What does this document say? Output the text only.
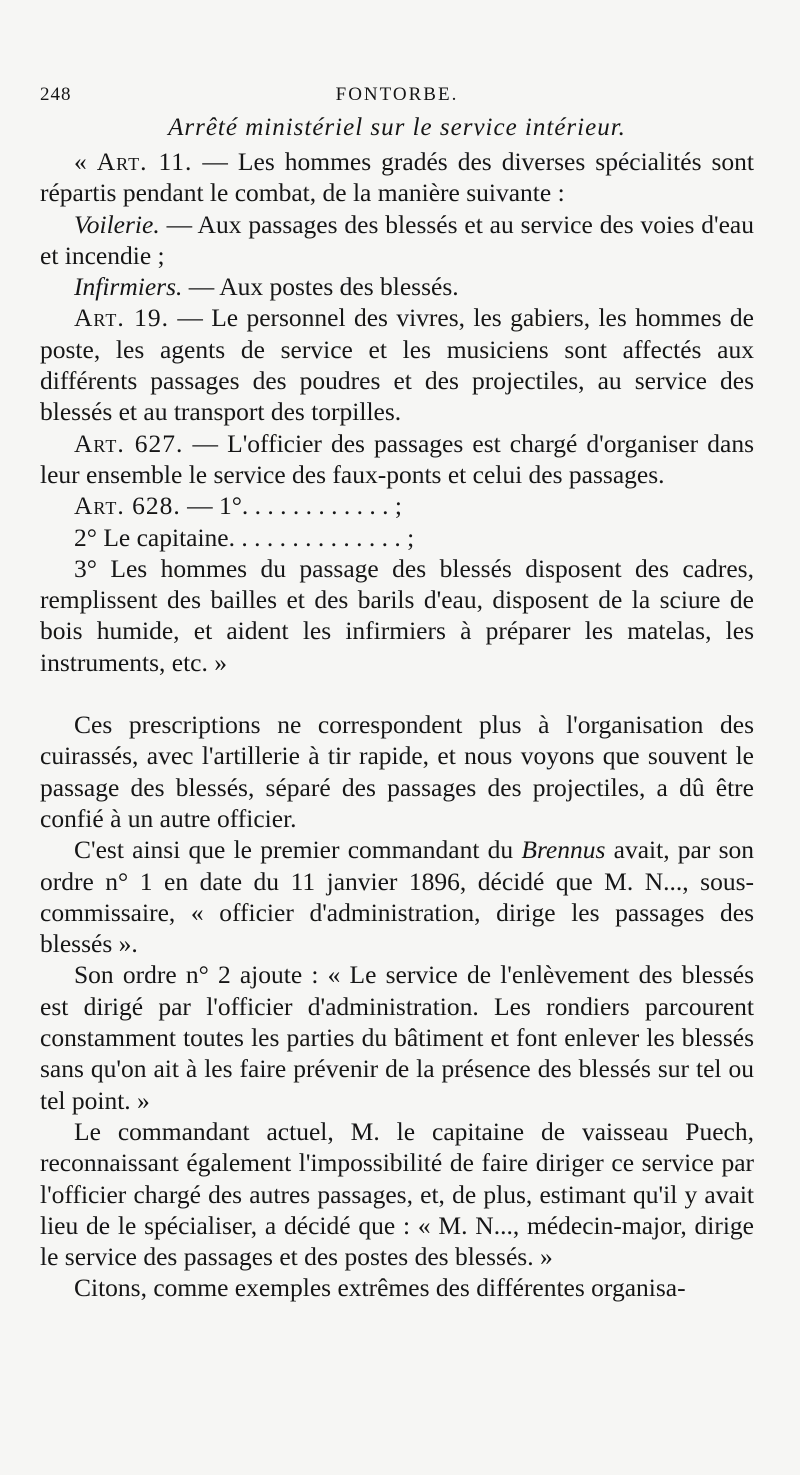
248	FONTORBE.
Arrêté ministériel sur le service intérieur.

« Art. 11. — Les hommes gradés des diverses spécialités sont répartis pendant le combat, de la manière suivante :

Voilerie. — Aux passages des blessés et au service des voies d'eau et incendie ;

Infirmiers. — Aux postes des blessés.

Art. 19. — Le personnel des vivres, les gabiers, les hommes de poste, les agents de service et les musiciens sont affectés aux différents passages des poudres et des projectiles, au service des blessés et au transport des torpilles.

Art. 627. — L'officier des passages est chargé d'organiser dans leur ensemble le service des faux-ponts et celui des passages.

Art. 628. — 1°. . . . . . . . . . . . ;

2° Le capitaine. . . . . . . . . . . . . . ;

3° Les hommes du passage des blessés disposent des cadres, remplissent des bailles et des barils d'eau, disposent de la sciure de bois humide, et aident les infirmiers à préparer les matelas, les instruments, etc. »

Ces prescriptions ne correspondent plus à l'organisation des cuirassés, avec l'artillerie à tir rapide, et nous voyons que souvent le passage des blessés, séparé des passages des projectiles, a dû être confié à un autre officier.

C'est ainsi que le premier commandant du Brennus avait, par son ordre n° 1 en date du 11 janvier 1896, décidé que M. N..., sous-commissaire, « officier d'administration, dirige les passages des blessés ».

Son ordre n° 2 ajoute : « Le service de l'enlèvement des blessés est dirigé par l'officier d'administration. Les rondiers parcourent constamment toutes les parties du bâtiment et font enlever les blessés sans qu'on ait à les faire prévenir de la présence des blessés sur tel ou tel point. »

Le commandant actuel, M. le capitaine de vaisseau Puech, reconnaissant également l'impossibilité de faire diriger ce service par l'officier chargé des autres passages, et, de plus, estimant qu'il y avait lieu de le spécialiser, a décidé que : « M. N..., médecin-major, dirige le service des passages et des postes des blessés. »

Citons, comme exemples extrêmes des différentes organisa-
